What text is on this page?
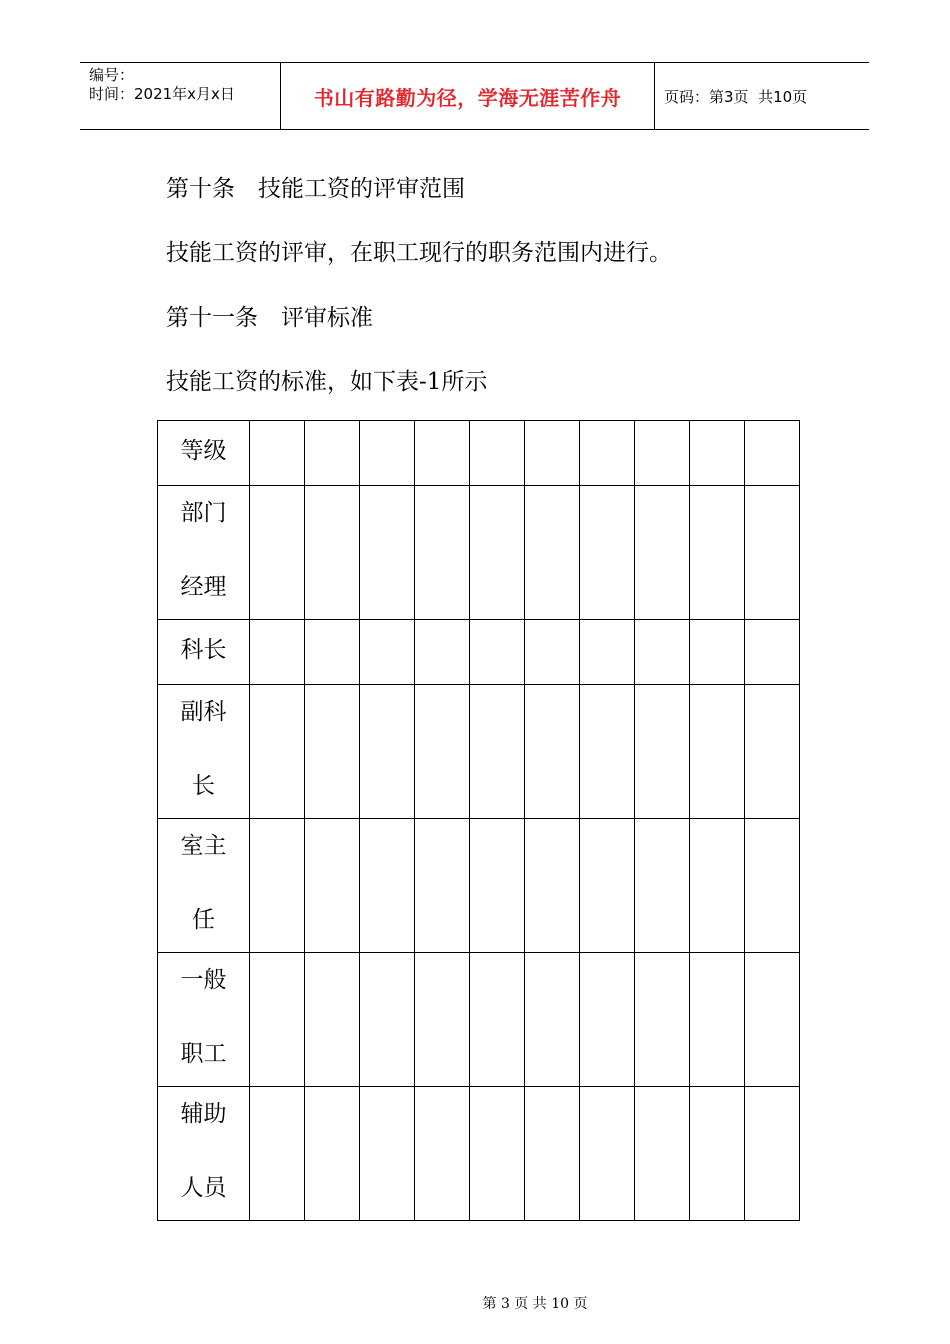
编号：
时间：2021年x月x日	书山有路勤为径，学海无涯苦作舟	页码：第3页  共10页
第十条　技能工资的评审范围
技能工资的评审，在职工现行的职务范围内进行。
第十一条　评审标准
技能工资的标准，如下表-1所示
等级										

部门
经理										

科长										

副科
长										

室主
任										

一般
职工										

辅助
人员										

第 3 页 共 10 页
